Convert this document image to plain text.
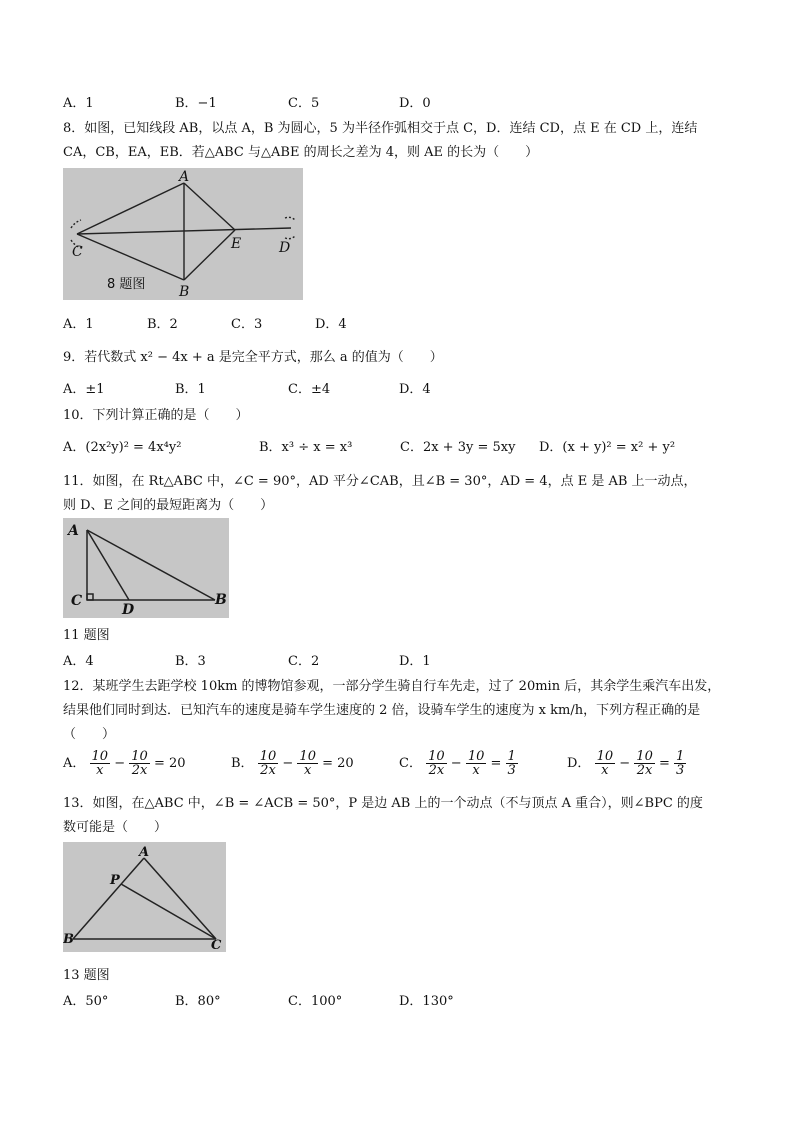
A．1	B．−1	C．5	D．0
8．如图，已知线段 AB，以点 A，B 为圆心，5 为半径作弧相交于点 C，D．连结 CD，点 E 在 CD 上，连结
CA，CB，EA，EB．若△ABC 与△ABE 的周长之差为 4，则 AE 的长为（　　）
A
B
C	D
E
8 题图
A．1	B．2	C．3	D．4
9．若代数式 x² − 4x + a 是完全平方式，那么 a 的值为（　　）
A．±1	B．1	C．±4	D．4
10．下列计算正确的是（　　）
A．(2x²y)² = 4x⁴y²	B．x³ ÷ x = x³	C．2x + 3y = 5xy D．(x + y)² = x² + y²
11．如图，在 Rt△ABC 中，∠C = 90°，AD 平分∠CAB，且∠B = 30°，AD = 4，点 E 是 AB 上一动点，
则 D、E 之间的最短距离为（　　）
A
B
C
D
11 题图
A．4	B．3	C．2	D．1
12．某班学生去距学校 10km 的博物馆参观，一部分学生骑自行车先走，过了 20min 后，其余学生乘汽车出发，
结果他们同时到达．已知汽车的速度是骑车学生速度的 2 倍，设骑车学生的速度为 x km/h，下列方程正确的是
（　　）
A． $\frac{10}{x} - \frac{10}{2x} = 20$	B． $\frac{10}{2x} - \frac{10}{x} = 20$	C． $\frac{10}{2x} - \frac{10}{x} = \frac{1}{3}$	D． $\frac{10}{x} - \frac{10}{2x} = \frac{1}{3}$
13．如图，在△ABC 中，∠B = ∠ACB = 50°，P 是边 AB 上的一个动点（不与顶点 A 重合），则∠BPC 的度
数可能是（　　）
A
B	C
P
13 题图
A．50°	B．80°	C．100°	D．130°
